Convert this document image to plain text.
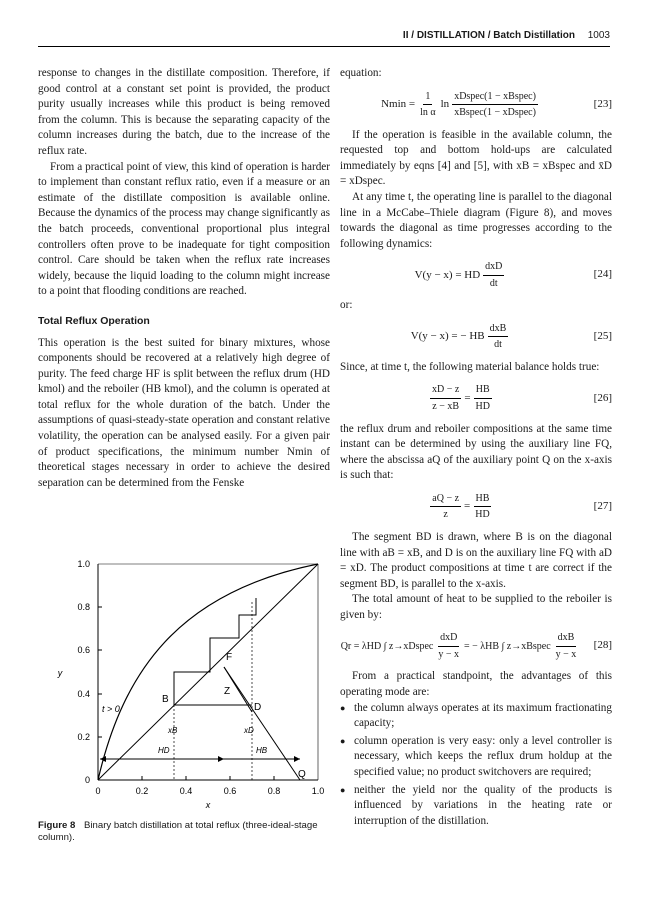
II / DISTILLATION / Batch Distillation 1003

response to changes in the distillate composition. Therefore, if good control at a constant set point is provided, the product purity usually increases while this product is being removed from the column. This is because the separating capacity of the column increases during the batch, due to the increase of the reflux rate.

From a practical point of view, this kind of operation is harder to implement than constant reflux ratio, even if a measure or an estimate of the distillate composition is available online. Because the dynamics of the process may change significantly as the batch proceeds, conventional proportional plus integral controllers often prove to be inadequate for tight composition control. Care should be taken when the reflux rate increases widely, because the liquid loading to the column might increase to a point that flooding conditions are reached.

Total Reflux Operation

This operation is the best suited for binary mixtures, whose components should be recovered at a relatively high degree of purity. The feed charge HF is split between the reflux drum (HD kmol) and the reboiler (HB kmol), and the column is operated at total reflux for the whole duration of the batch. Under the assumptions of quasi-steady-state operation and constant relative volatility, the operation can be analysed easily. For a given pair of product specifications, the minimum number Nmin of theoretical stages necessary in order to achieve the desired separation can be determined from the Fenske

equation:

$Nmin = \frac{1}{\text{ln α}}$ $\ln \frac{\text{xDspec(1 − xBspec)}}{\text{xBspec(1 − xDspec)}}$	[23]

If the operation is feasible in the available column, the requested top and bottom hold-ups are calculated immediately by eqns [4] and [5], with xB = xBspec and x̄D = xDspec.

At any time t, the operating line is parallel to the diagonal line in a McCabe–Thiele diagram (Figure 8), and moves towards the diagonal as time progresses according to the following dynamics:

V(y − x) = HD $\frac{\text{dxD}}{dt}$	[24]

or:

V(y − x) = − HB $\frac{\text{dxB}}{dt}$	[25]

Since, at time t, the following material balance holds true:

$\frac{xD - z}{z - xB} = \frac{HB}{HD}$	[26]

the reflux drum and reboiler compositions at the same time instant can be determined by using the auxiliary line FQ, where the abscissa aQ of the auxiliary point Q on the x-axis is such that:

$\frac{aQ - z}{z} = \frac{HB}{HD}$	[27]

The segment BD is drawn, where B is on the diagonal line with aB = xB, and D is on the auxiliary line FQ with aD = xD. The product compositions at time t are correct if the segment BD, is parallel to the x-axis.

The total amount of heat to be supplied to the reboiler is given by:

Qr = λHD ∫ z→xDspec $\frac{\text{dxD}}{y - x}$ = − λHB ∫ z→xBspec $\frac{\text{dxB}}{y - x} [28]$

From a practical standpoint, the advantages of this operating mode are:

● the column always operates at its maximum fractionating capacity;
● column operation is very easy: only a level controller is necessary, which keeps the reflux drum holdup at the specified value; no product switchovers are required;
● neither the yield nor the quality of the products is influenced by variations in the heating rate or interruption of the distillation.
0
0.2
0.4
0.6
0.8
1.0
0	0.2	0.4	0.6	0.8	1.0
x
y
F
Z
B
D
Q
t > 0
xB	xD
HD	HB
Figure 8 Binary batch distillation at total reflux (three-ideal-stage column).
